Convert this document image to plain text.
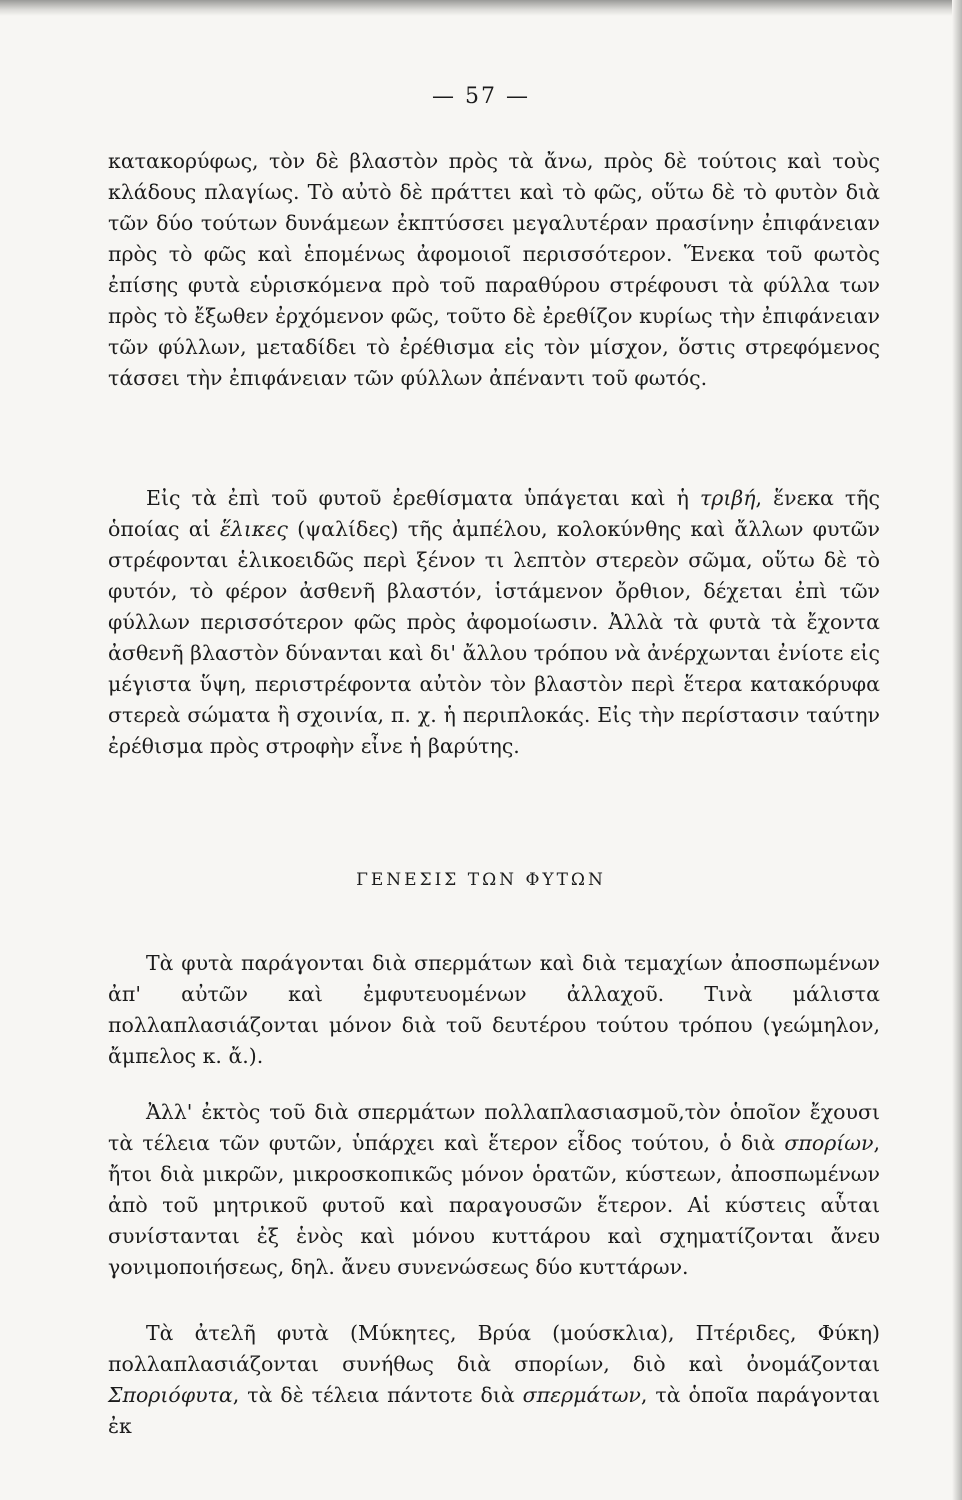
— 57 —

κατακορύφως, τὸν δὲ βλαστὸν πρὸς τὰ ἄνω, πρὸς δὲ τούτοις καὶ τοὺς κλάδους πλαγίως. Τὸ αὐτὸ δὲ πράττει καὶ τὸ φῶς, οὕτω δὲ τὸ φυτὸν διὰ τῶν δύο τούτων δυνάμεων ἐκπτύσσει μεγαλυτέραν πρασίνην ἐπιφάνειαν πρὸς τὸ φῶς καὶ ἑπομένως ἀφομοιοῖ περισσότερον. Ἕνεκα τοῦ φωτὸς ἐπίσης φυτὰ εὑρισκόμενα πρὸ τοῦ παραθύρου στρέφουσι τὰ φύλλα των πρὸς τὸ ἔξωθεν ἐρχόμενον φῶς, τοῦτο δὲ ἐρεθίζον κυρίως τὴν ἐπιφάνειαν τῶν φύλλων, μεταδίδει τὸ ἐρέθισμα εἰς τὸν μίσχον, ὅστις στρεφόμενος τάσσει τὴν ἐπιφάνειαν τῶν φύλλων ἀπέναντι τοῦ φωτός.

Εἰς τὰ ἐπὶ τοῦ φυτοῦ ἐρεθίσματα ὑπάγεται καὶ ἡ τριβή, ἕνεκα τῆς ὁποίας αἱ ἕλικες (ψαλίδες) τῆς ἀμπέλου, κολοκύνθης καὶ ἄλλων φυτῶν στρέφονται ἑλικοειδῶς περὶ ξένον τι λεπτὸν στερεὸν σῶμα, οὕτω δὲ τὸ φυτόν, τὸ φέρον ἀσθενῆ βλαστόν, ἱστάμενον ὄρθιον, δέχεται ἐπὶ τῶν φύλλων περισσότερον φῶς πρὸς ἀφομοίωσιν. Ἀλλὰ τὰ φυτὰ τὰ ἔχοντα ἀσθενῆ βλαστὸν δύνανται καὶ δι' ἄλλου τρόπου νὰ ἀνέρχωνται ἐνίοτε εἰς μέγιστα ὕψη, περιστρέφοντα αὐτὸν τὸν βλαστὸν περὶ ἕτερα κατακόρυφα στερεὰ σώματα ἢ σχοινία, π. χ. ἡ περιπλοκάς. Εἰς τὴν περίστασιν ταύτην ἐρέθισμα πρὸς στροφὴν εἶνε ἡ βαρύτης.

ΓΕΝΕΣΙΣ ΤΩΝ ΦΥΤΩΝ

Τὰ φυτὰ παράγονται διὰ σπερμάτων καὶ διὰ τεμαχίων ἀποσπωμένων ἀπ' αὐτῶν καὶ ἐμφυτευομένων ἀλλαχοῦ. Τινὰ μάλιστα πολλαπλασιάζονται μόνον διὰ τοῦ δευτέρου τούτου τρόπου (γεώμηλον, ἄμπελος κ. ἄ.).

Ἀλλ' ἐκτὸς τοῦ διὰ σπερμάτων πολλαπλασιασμοῦ,τὸν ὁποῖον ἔχουσι τὰ τέλεια τῶν φυτῶν, ὑπάρχει καὶ ἕτερον εἶδος τούτου, ὁ διὰ σπορίων, ἤτοι διὰ μικρῶν, μικροσκοπικῶς μόνον ὁρατῶν, κύστεων, ἀποσπωμένων ἀπὸ τοῦ μητρικοῦ φυτοῦ καὶ παραγουσῶν ἕτερον. Αἱ κύστεις αὗται συνίστανται ἐξ ἑνὸς καὶ μόνου κυττάρου καὶ σχηματίζονται ἄνευ γονιμοποιήσεως, δηλ. ἄνευ συνενώσεως δύο κυττάρων.

Τὰ ἀτελῆ φυτὰ (Μύκητες, Βρύα (μούσκλια), Πτέριδες, Φύκη) πολλαπλασιάζονται συνήθως διὰ σπορίων, διὸ καὶ ὀνομάζονται Σποριόφυτα, τὰ δὲ τέλεια πάντοτε διὰ σπερμάτων, τὰ ὁποῖα παράγονται ἐκ
